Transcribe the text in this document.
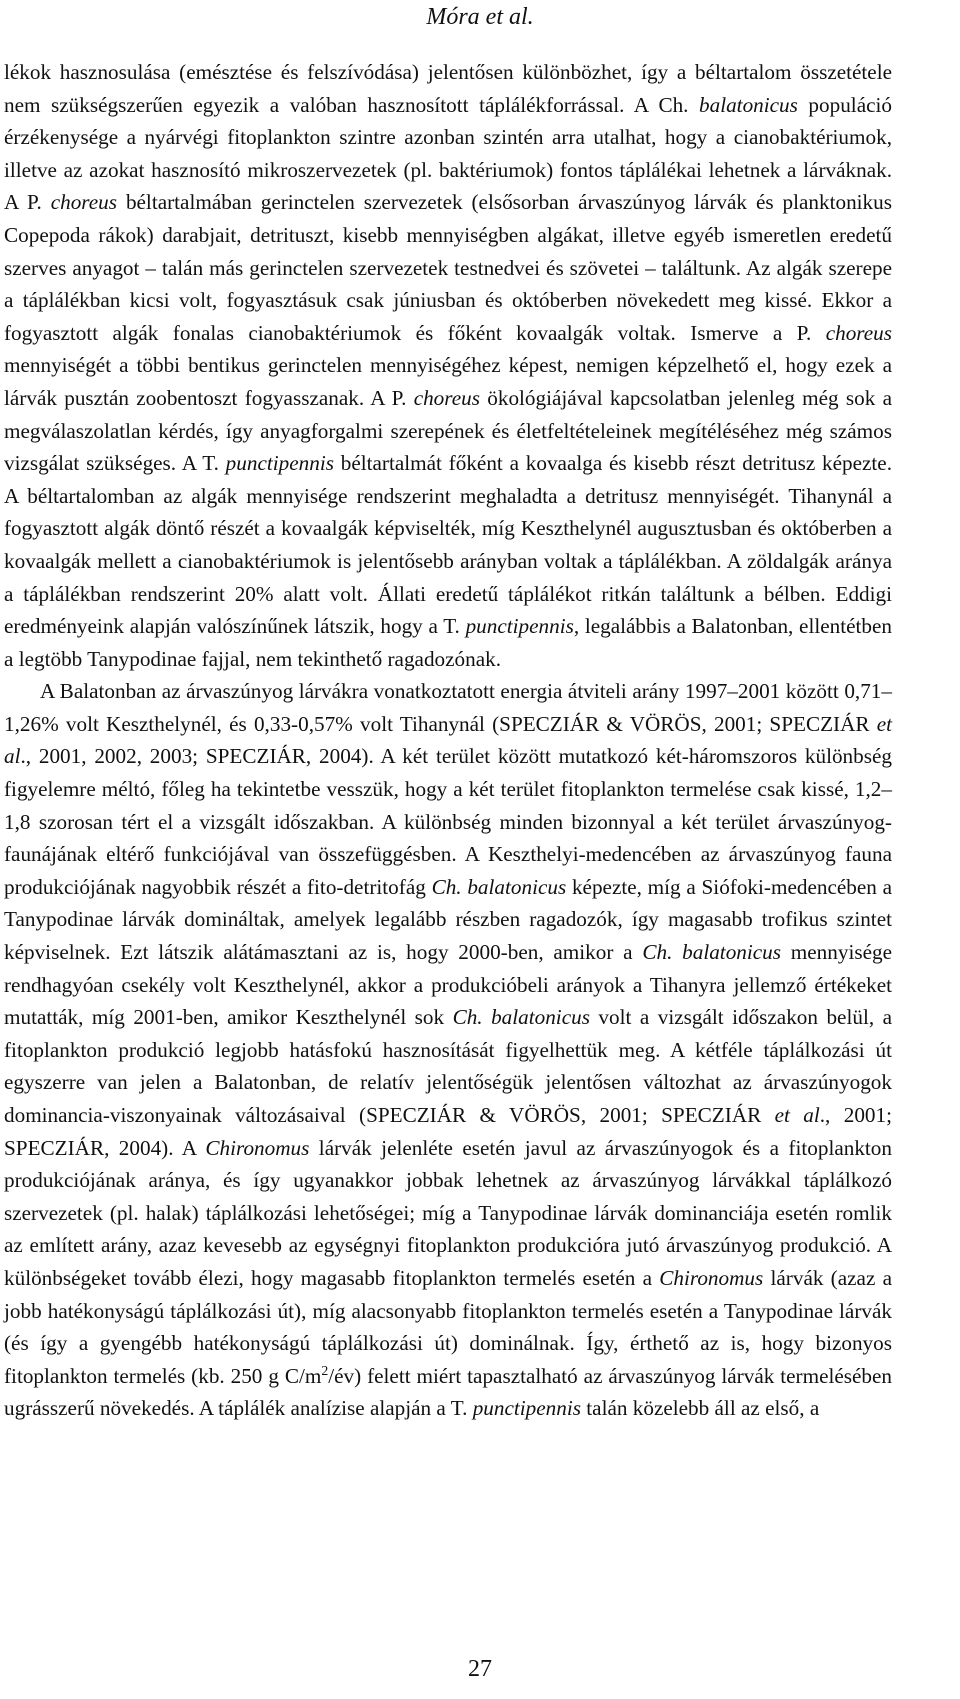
Móra et al.

lékok hasznosulása (emésztése és felszívódása) jelentősen különbözhet, így a béltartalom összetétele nem szükségszerűen egyezik a valóban hasznosított táplálékforrással. A Ch. balatonicus populáció érzékenysége a nyárvégi fitoplankton szintre azonban szintén arra utalhat, hogy a cianobaktériumok, illetve az azokat hasznosító mikroszervezetek (pl. baktériumok) fontos táplálékai lehetnek a lárváknak. A P. choreus béltartalmában gerinctelen szervezetek (elsősorban árvaszúnyog lárvák és planktonikus Copepoda rákok) darabjait, detrituszt, kisebb mennyiségben algákat, illetve egyéb ismeretlen eredetű szerves anyagot – talán más gerinctelen szervezetek testnedvei és szövetei – találtunk. Az algák szerepe a táplálékban kicsi volt, fogyasztásuk csak júniusban és októberben növekedett meg kissé. Ekkor a fogyasztott algák fonalas cianobaktériumok és főként kovaalgák voltak. Ismerve a P. choreus mennyiségét a többi bentikus gerinctelen mennyiségéhez képest, nemigen képzelhető el, hogy ezek a lárvák pusztán zoobentoszt fogyasszanak. A P. choreus ökológiájával kapcsolatban jelenleg még sok a megválaszolatlan kérdés, így anyagforgalmi szerepének és életfeltételeinek megítéléséhez még számos vizsgálat szükséges. A T. punctipennis béltartalmát főként a kovaalga és kisebb részt detritusz képezte. A béltartalomban az algák mennyisége rendszerint meghaladta a detritusz mennyiségét. Tihanynál a fogyasztott algák döntő részét a kovaalgák képviselték, míg Keszthelynél augusztusban és októberben a kovaalgák mellett a cianobaktériumok is jelentősebb arányban voltak a táplálékban. A zöldalgák aránya a táplálékban rendszerint 20% alatt volt. Állati eredetű táplálékot ritkán találtunk a bélben. Eddigi eredményeink alapján valószínűnek látszik, hogy a T. punctipennis, legalábbis a Balatonban, ellentétben a legtöbb Tanypodinae fajjal, nem tekinthető ragadozónak.

A Balatonban az árvaszúnyog lárvákra vonatkoztatott energia átviteli arány 1997–2001 között 0,71–1,26% volt Keszthelynél, és 0,33-0,57% volt Tihanynál (SPECZIÁR & VÖRÖS, 2001; SPECZIÁR et al., 2001, 2002, 2003; SPECZIÁR, 2004). A két terület között mutatkozó két-háromszoros különbség figyelemre méltó, főleg ha tekintetbe vesszük, hogy a két terület fitoplankton termelése csak kissé, 1,2–1,8 szorosan tért el a vizsgált időszakban. A különbség minden bizonnyal a két terület árvaszúnyog-faunájának eltérő funkciójával van összefüggésben. A Keszthelyi-medencében az árvaszúnyog fauna produkciójának nagyobbik részét a fito-detritofág Ch. balatonicus képezte, míg a Siófoki-medencében a Tanypodinae lárvák domináltak, amelyek legalább részben ragadozók, így magasabb trofikus szintet képviselnek. Ezt látszik alátámasztani az is, hogy 2000-ben, amikor a Ch. balatonicus mennyisége rendhagyóan csekély volt Keszthelynél, akkor a produkcióbeli arányok a Tihanyra jellemző értékeket mutatták, míg 2001-ben, amikor Keszthelynél sok Ch. balatonicus volt a vizsgált időszakon belül, a fitoplankton produkció legjobb hatásfokú hasznosítását figyelhettük meg. A kétféle táplálkozási út egyszerre van jelen a Balatonban, de relatív jelentőségük jelentősen változhat az árvaszúnyogok dominancia-viszonyainak változásaival (SPECZIÁR & VÖRÖS, 2001; SPECZIÁR et al., 2001; SPECZIÁR, 2004). A Chironomus lárvák jelenléte esetén javul az árvaszúnyogok és a fitoplankton produkciójának aránya, és így ugyanakkor jobbak lehetnek az árvaszúnyog lárvákkal táplálkozó szervezetek (pl. halak) táplálkozási lehetőségei; míg a Tanypodinae lárvák dominanciája esetén romlik az említett arány, azaz kevesebb az egységnyi fitoplankton produkcióra jutó árvaszúnyog produkció. A különbségeket tovább élezi, hogy magasabb fitoplankton termelés esetén a Chironomus lárvák (azaz a jobb hatékonyságú táplálkozási út), míg alacsonyabb fitoplankton termelés esetén a Tanypodinae lárvák (és így a gyengébb hatékonyságú táplálkozási út) dominálnak. Így, érthető az is, hogy bizonyos fitoplankton termelés (kb. 250 g $C/m^2/év$) felett miért tapasztalható az árvaszúnyog lárvák termelésében ugrásszerű növekedés. A táplálék analízise alapján a T. punctipennis talán közelebb áll az első, a

27
